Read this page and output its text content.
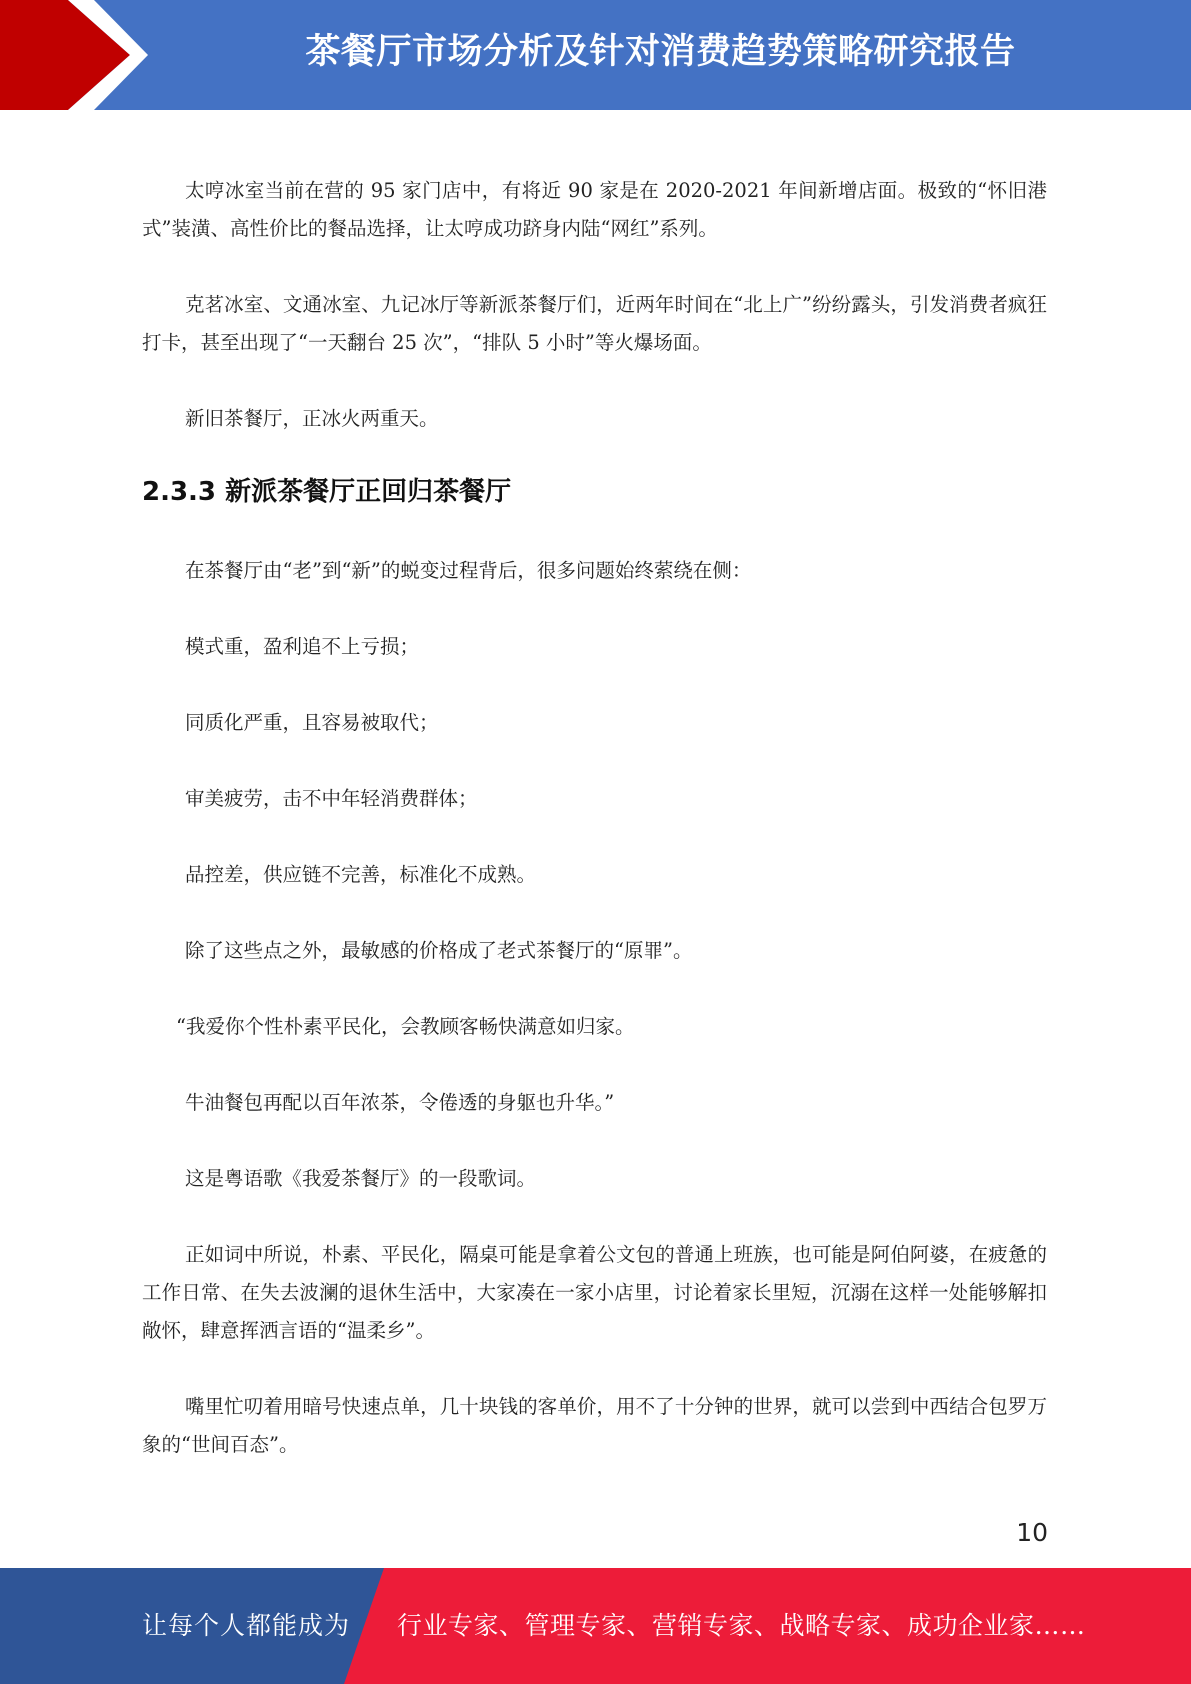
茶餐厅市场分析及针对消费趋势策略研究报告

太哼冰室当前在营的 95 家门店中，有将近 90 家是在 2020-2021 年间新增店面。极致的“怀旧港式”装潢、高性价比的餐品选择，让太哼成功跻身内陆“网红”系列。

克茗冰室、文通冰室、九记冰厅等新派茶餐厅们，近两年时间在“北上广”纷纷露头，引发消费者疯狂打卡，甚至出现了“一天翻台 25 次”，“排队 5 小时”等火爆场面。

新旧茶餐厅，正冰火两重天。

2.3.3 新派茶餐厅正回归茶餐厅

在茶餐厅由“老”到“新”的蜕变过程背后，很多问题始终萦绕在侧：

模式重，盈利追不上亏损；

同质化严重，且容易被取代；

审美疲劳，击不中年轻消费群体；

品控差，供应链不完善，标准化不成熟。

除了这些点之外，最敏感的价格成了老式茶餐厅的“原罪”。

“我爱你个性朴素平民化，会教顾客畅快满意如归家。

牛油餐包再配以百年浓茶，令倦透的身躯也升华。”

这是粤语歌《我爱茶餐厅》的一段歌词。

正如词中所说，朴素、平民化，隔桌可能是拿着公文包的普通上班族，也可能是阿伯阿婆，在疲惫的工作日常、在失去波澜的退休生活中，大家凑在一家小店里，讨论着家长里短，沉溺在这样一处能够解扣敞怀，肆意挥洒言语的“温柔乡”。

嘴里忙叨着用暗号快速点单，几十块钱的客单价，用不了十分钟的世界，就可以尝到中西结合包罗万象的“世间百态”。

10
让每个人都能成为 行业专家、管理专家、营销专家、战略专家、成功企业家……
